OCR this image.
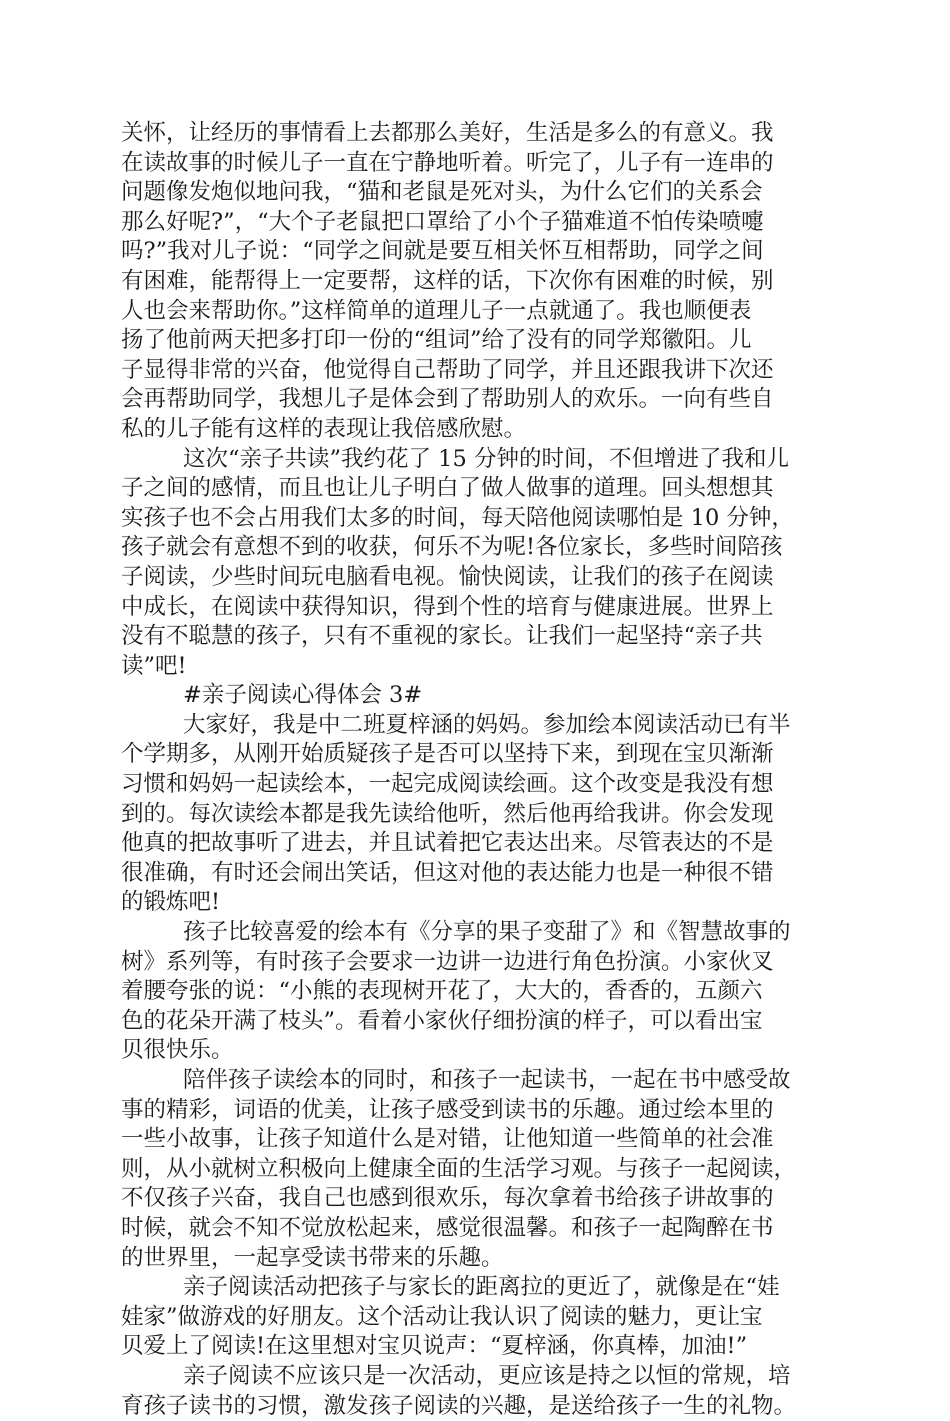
关怀，让经历的事情看上去都那么美好，生活是多么的有意义。我
在读故事的时候儿子一直在宁静地听着。听完了，儿子有一连串的
问题像发炮似地问我，“猫和老鼠是死对头，为什么它们的关系会
那么好呢?”，“大个子老鼠把口罩给了小个子猫难道不怕传染喷嚏
吗?”我对儿子说：“同学之间就是要互相关怀互相帮助，同学之间
有困难，能帮得上一定要帮，这样的话，下次你有困难的时候，别
人也会来帮助你。”这样简单的道理儿子一点就通了。我也顺便表
扬了他前两天把多打印一份的“组词”给了没有的同学郑徽阳。儿
子显得非常的兴奋，他觉得自己帮助了同学，并且还跟我讲下次还
会再帮助同学，我想儿子是体会到了帮助别人的欢乐。一向有些自
私的儿子能有这样的表现让我倍感欣慰。
这次“亲子共读”我约花了 15 分钟的时间，不但增进了我和儿
子之间的感情，而且也让儿子明白了做人做事的道理。回头想想其
实孩子也不会占用我们太多的时间，每天陪他阅读哪怕是 10 分钟，
孩子就会有意想不到的收获，何乐不为呢!各位家长，多些时间陪孩
子阅读，少些时间玩电脑看电视。愉快阅读，让我们的孩子在阅读
中成长，在阅读中获得知识，得到个性的培育与健康进展。世界上
没有不聪慧的孩子，只有不重视的家长。让我们一起坚持“亲子共
读”吧!
#亲子阅读心得体会 3#
大家好，我是中二班夏梓涵的妈妈。参加绘本阅读活动已有半
个学期多，从刚开始质疑孩子是否可以坚持下来，到现在宝贝渐渐
习惯和妈妈一起读绘本，一起完成阅读绘画。这个改变是我没有想
到的。每次读绘本都是我先读给他听，然后他再给我讲。你会发现
他真的把故事听了进去，并且试着把它表达出来。尽管表达的不是
很准确，有时还会闹出笑话，但这对他的表达能力也是一种很不错
的锻炼吧!
孩子比较喜爱的绘本有《分享的果子变甜了》和《智慧故事的
树》系列等，有时孩子会要求一边讲一边进行角色扮演。小家伙叉
着腰夸张的说：“小熊的表现树开花了，大大的，香香的，五颜六
色的花朵开满了枝头”。看着小家伙仔细扮演的样子，可以看出宝
贝很快乐。
陪伴孩子读绘本的同时，和孩子一起读书，一起在书中感受故
事的精彩，词语的优美，让孩子感受到读书的乐趣。通过绘本里的
一些小故事，让孩子知道什么是对错，让他知道一些简单的社会准
则，从小就树立积极向上健康全面的生活学习观。与孩子一起阅读，
不仅孩子兴奋，我自己也感到很欢乐，每次拿着书给孩子讲故事的
时候，就会不知不觉放松起来，感觉很温馨。和孩子一起陶醉在书
的世界里，一起享受读书带来的乐趣。
亲子阅读活动把孩子与家长的距离拉的更近了，就像是在“娃
娃家”做游戏的好朋友。这个活动让我认识了阅读的魅力，更让宝
贝爱上了阅读!在这里想对宝贝说声：“夏梓涵，你真棒，加油!”
亲子阅读不应该只是一次活动，更应该是持之以恒的常规，培
育孩子读书的习惯，激发孩子阅读的兴趣，是送给孩子一生的礼物。
